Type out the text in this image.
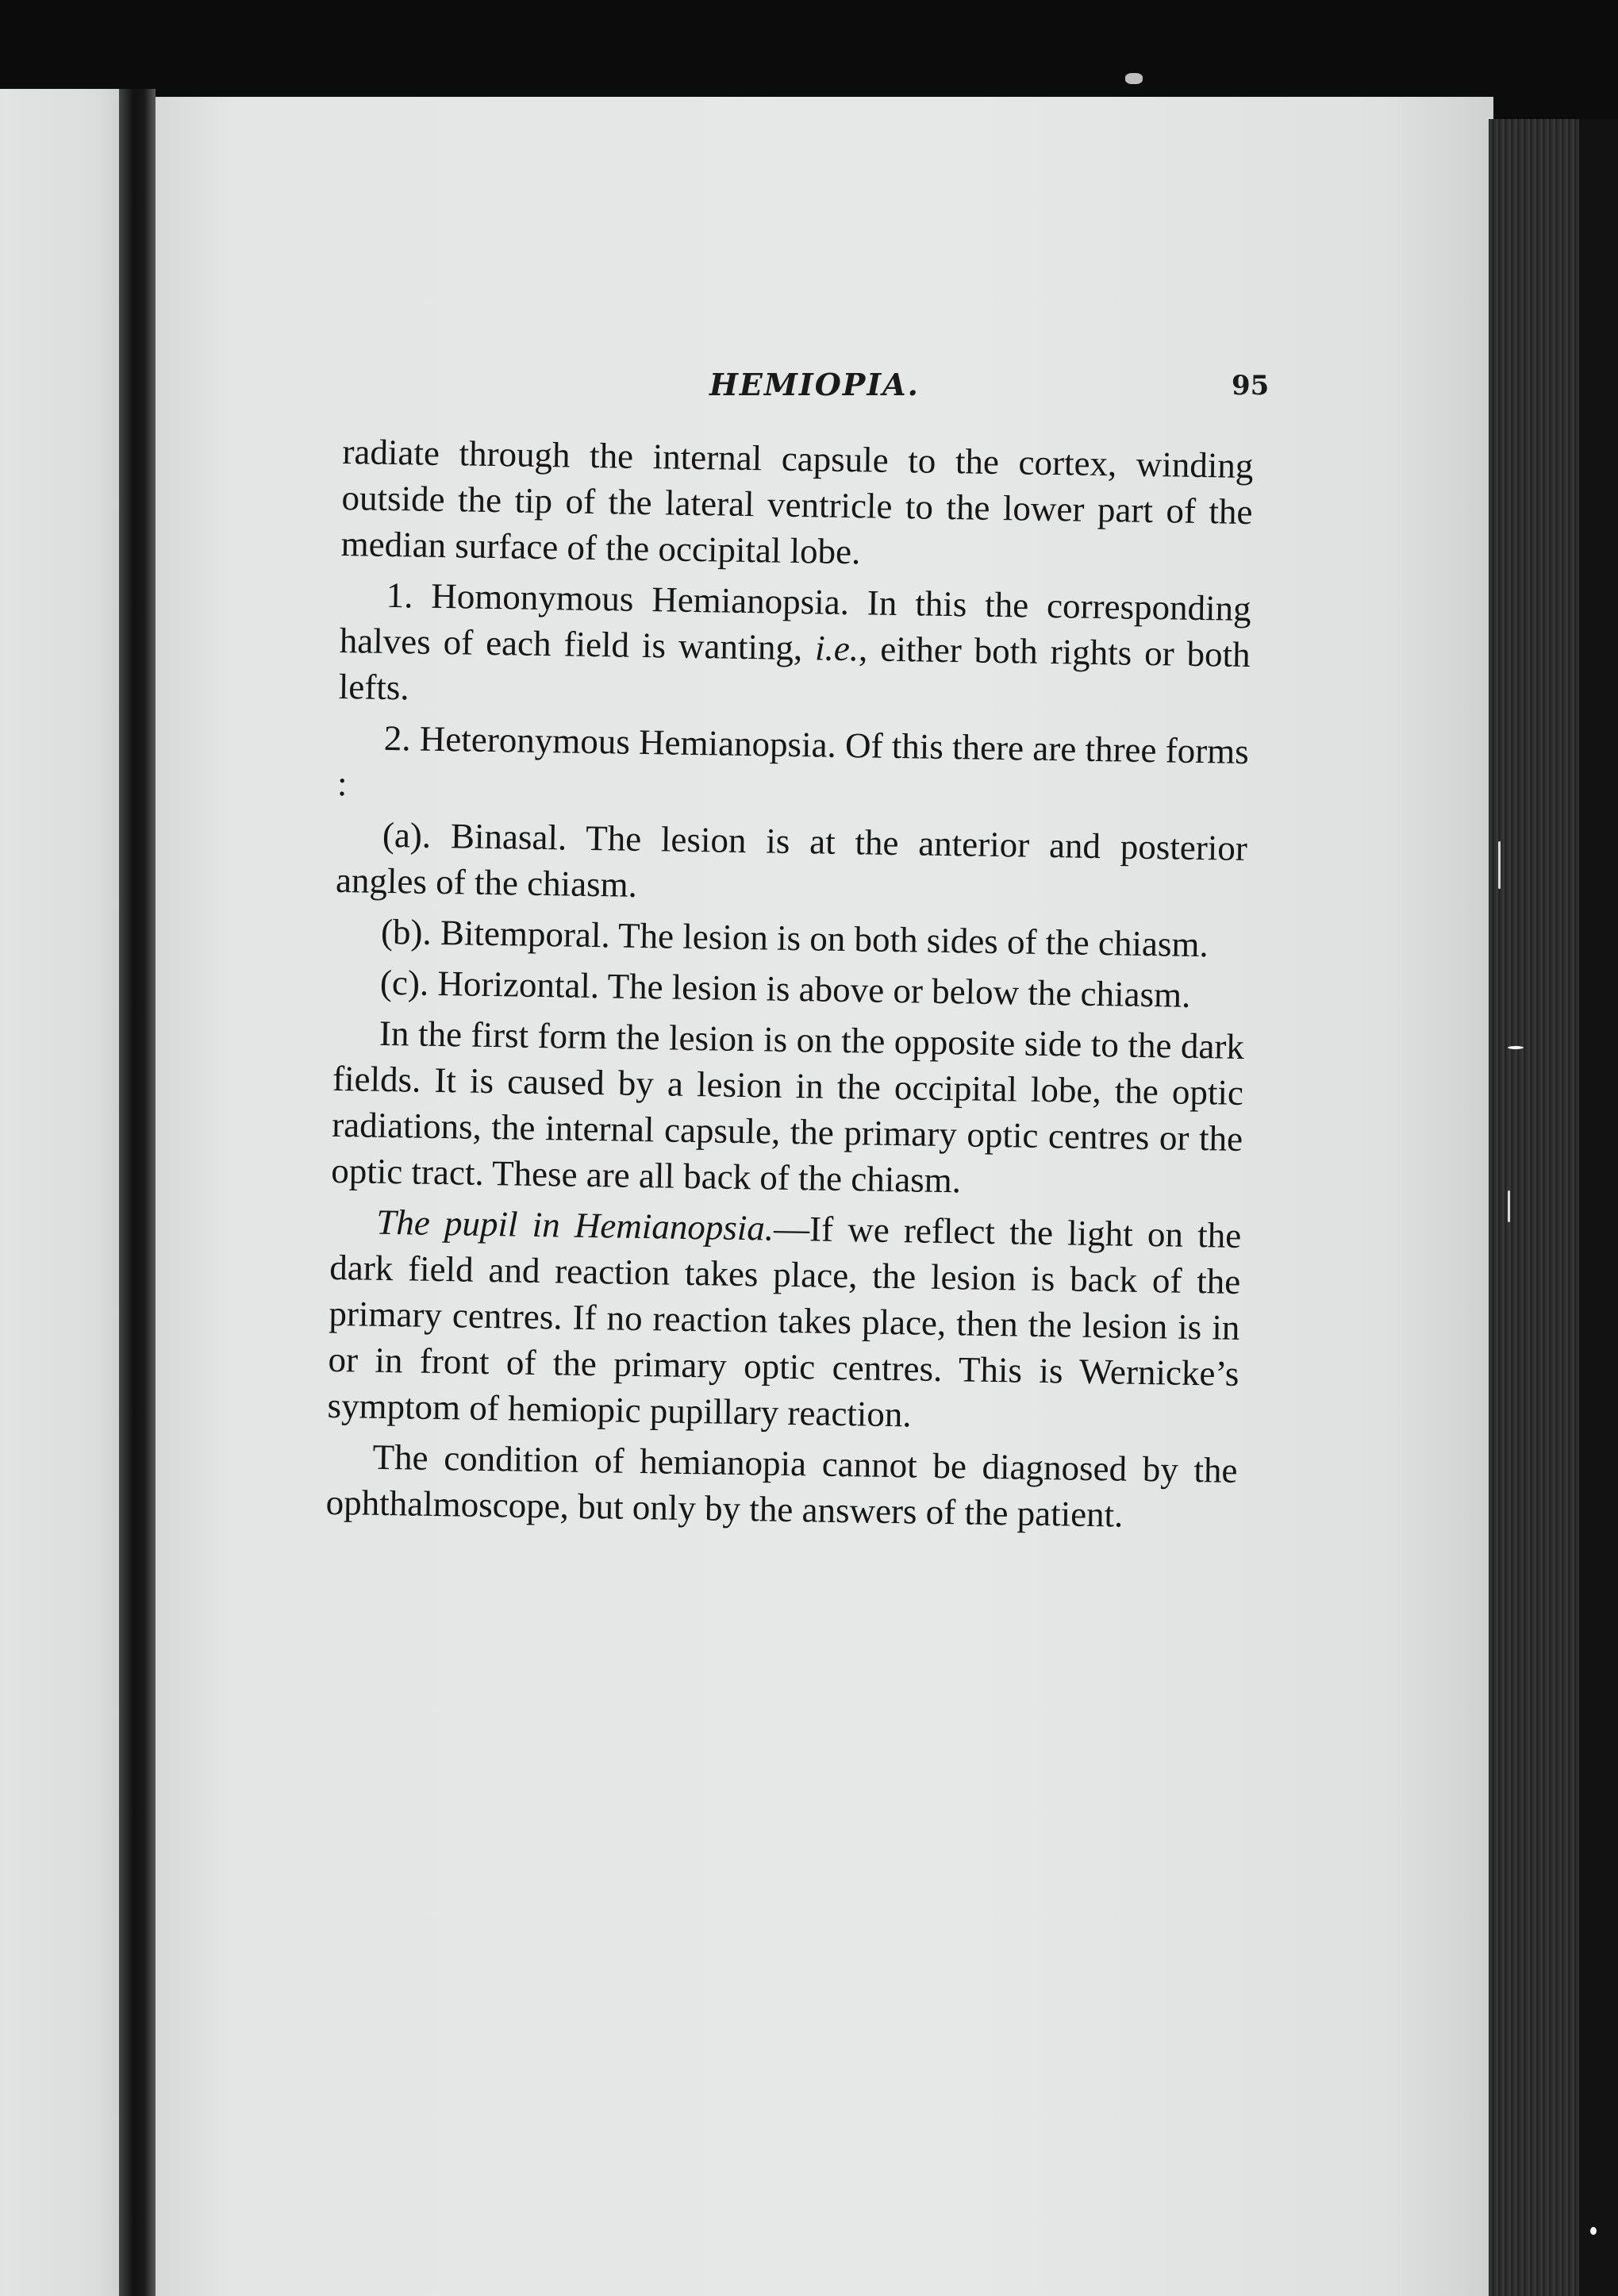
HEMIOPIA.	95

radiate through the internal capsule to the cortex, winding outside the tip of the lateral ventricle to the lower part of the median surface of the occipital lobe.

1. Homonymous Hemianopsia. In this the corresponding halves of each field is wanting, i.e., either both rights or both lefts.

2. Heteronymous Hemianopsia. Of this there are three forms :

(a). Binasal. The lesion is at the anterior and posterior angles of the chiasm.

(b). Bitemporal. The lesion is on both sides of the chiasm.

(c). Horizontal. The lesion is above or below the chiasm.

In the first form the lesion is on the opposite side to the dark fields. It is caused by a lesion in the occipital lobe, the optic radiations, the internal capsule, the primary optic centres or the optic tract. These are all back of the chiasm.

The pupil in Hemianopsia.—If we reflect the light on the dark field and reaction takes place, the lesion is back of the primary centres. If no reaction takes place, then the lesion is in or in front of the primary optic centres. This is Wernicke’s symptom of hemiopic pupillary reaction.

The condition of hemianopia cannot be diagnosed by the ophthalmoscope, but only by the answers of the patient.
